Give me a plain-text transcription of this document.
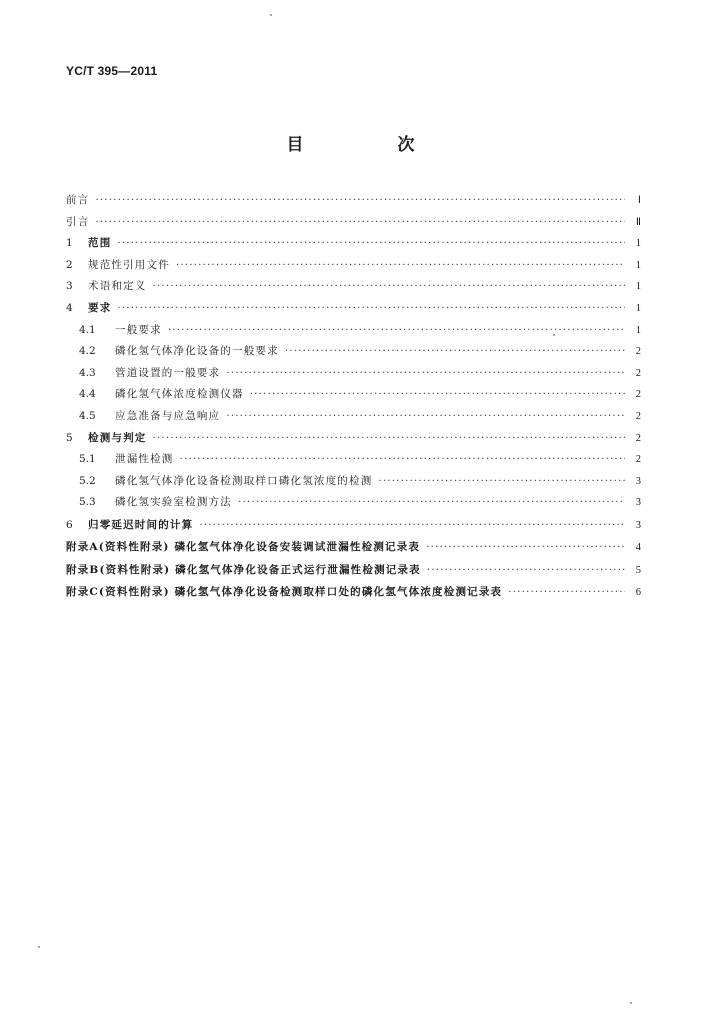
YC/T 395—2011
目 次
前言 ·····	Ⅰ
引言 ·····	Ⅱ
1	范围 ·····	1
2	规范性引用文件 ·····	1
3	术语和定义 ·····	1
4	要求 ·····	1
4.1	一般要求 ·····	1
4.2	磷化氢气体净化设备的一般要求 ·····	2
4.3	管道设置的一般要求 ·····	2
4.4	磷化氢气体浓度检测仪器 ·····	2
4.5	应急准备与应急响应 ·····	2
5	检测与判定 ·····	2
5.1	泄漏性检测 ·····	2
5.2	磷化氢气体净化设备检测取样口磷化氢浓度的检测 ·····	3
5.3	磷化氢实验室检测方法 ·····	3
6	归零延迟时间的计算 ·····	3
附录A(资料性附录) 磷化氢气体净化设备安装调试泄漏性检测记录表 ·····	4
附录B(资料性附录) 磷化氢气体净化设备正式运行泄漏性检测记录表 ·····	5
附录C(资料性附录) 磷化氢气体净化设备检测取样口处的磷化氢气体浓度检测记录表 ·····	6
